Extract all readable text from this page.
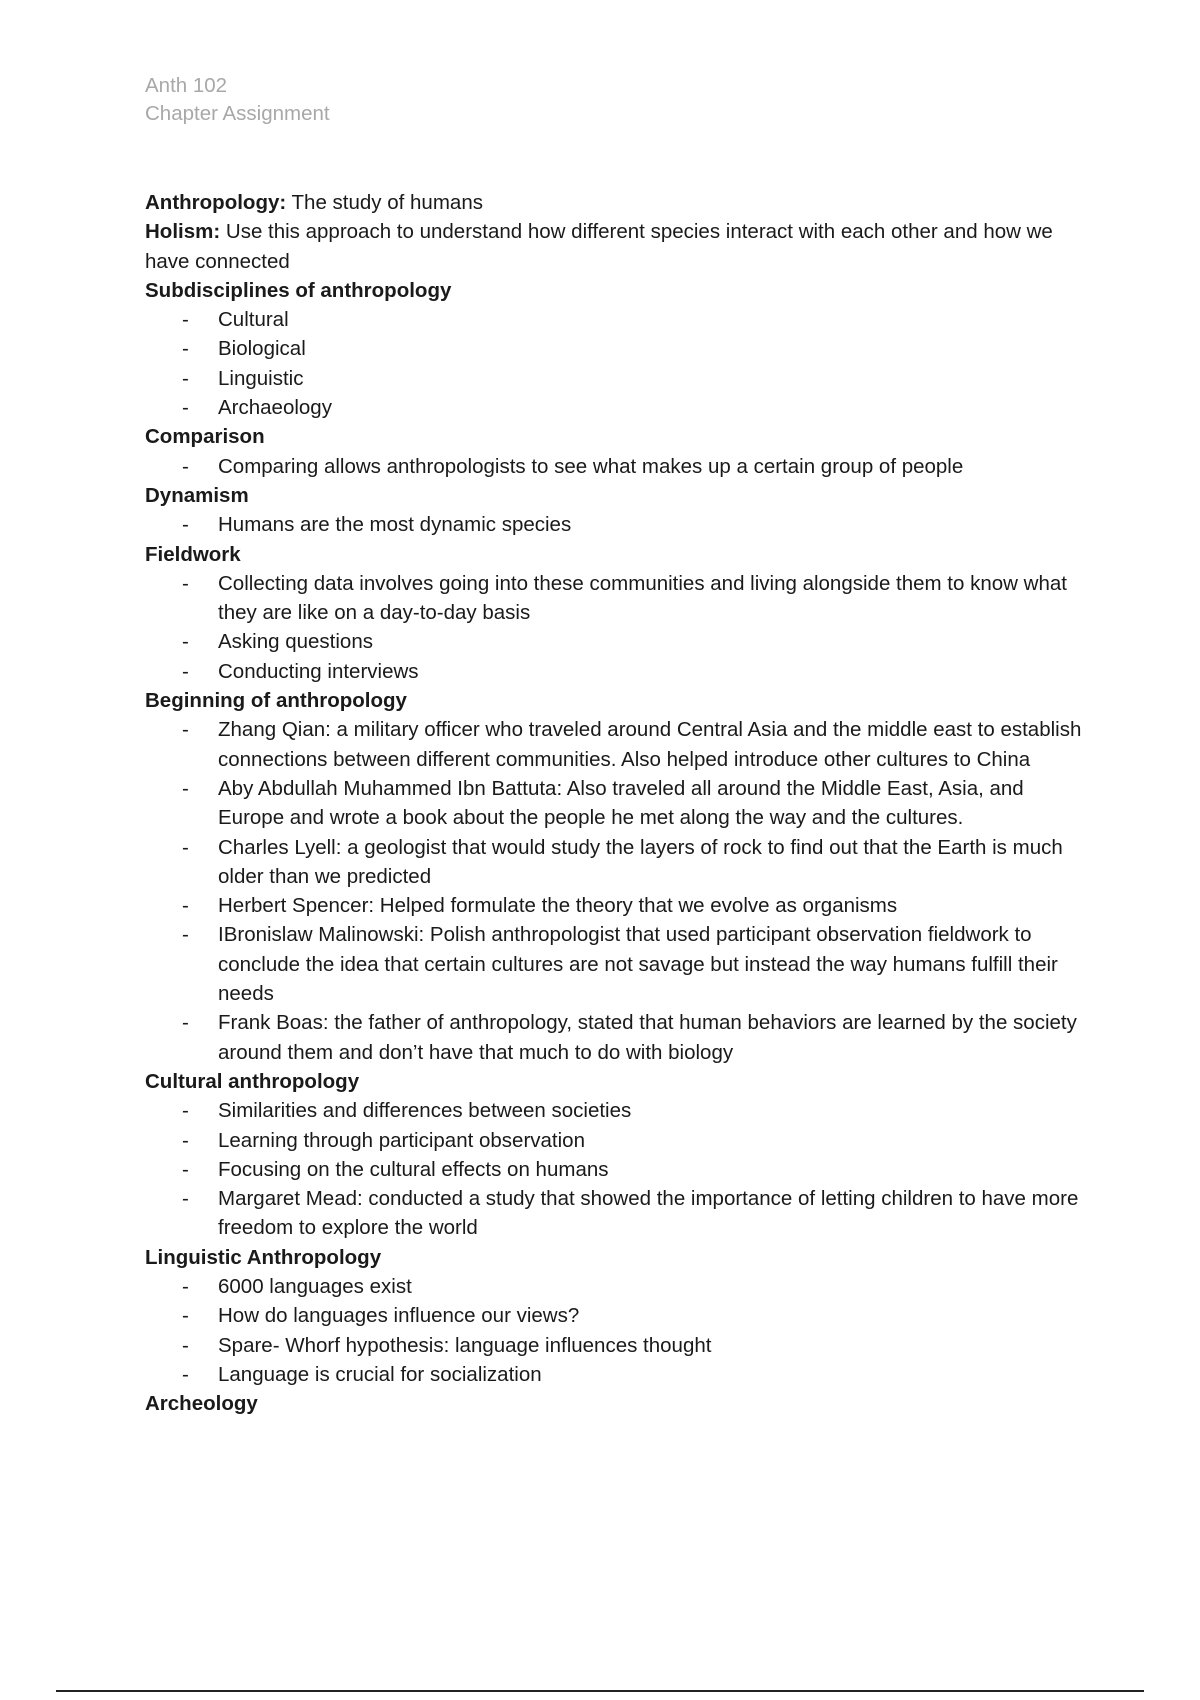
Anth 102
Chapter Assignment

Anthropology: The study of humans

Holism: Use this approach to understand how different species interact with each other and how we have connected

Subdisciplines of anthropology

- Cultural
- Biological
- Linguistic
- Archaeology

Comparison

- Comparing allows anthropologists to see what makes up a certain group of people

Dynamism

- Humans are the most dynamic species

Fieldwork

- Collecting data involves going into these communities and living alongside them to know what they are like on a day-to-day basis
- Asking questions
- Conducting interviews

Beginning of anthropology

- Zhang Qian: a military officer who traveled around Central Asia and the middle east to establish connections between different communities. Also helped introduce other cultures to China
- Aby Abdullah Muhammed Ibn Battuta: Also traveled all around the Middle East, Asia, and Europe and wrote a book about the people he met along the way and the cultures.
- Charles Lyell: a geologist that would study the layers of rock to find out that the Earth is much older than we predicted
- Herbert Spencer: Helped formulate the theory that we evolve as organisms
- IBronislaw Malinowski: Polish anthropologist that used participant observation fieldwork to conclude the idea that certain cultures are not savage but instead the way humans fulfill their needs
- Frank Boas: the father of anthropology, stated that human behaviors are learned by the society around them and don’t have that much to do with biology

Cultural anthropology

- Similarities and differences between societies
- Learning through participant observation
- Focusing on the cultural effects on humans
- Margaret Mead: conducted a study that showed the importance of letting children to have more freedom to explore the world

Linguistic Anthropology

- 6000 languages exist
- How do languages influence our views?
- Spare- Whorf hypothesis: language influences thought
- Language is crucial for socialization

Archeology
